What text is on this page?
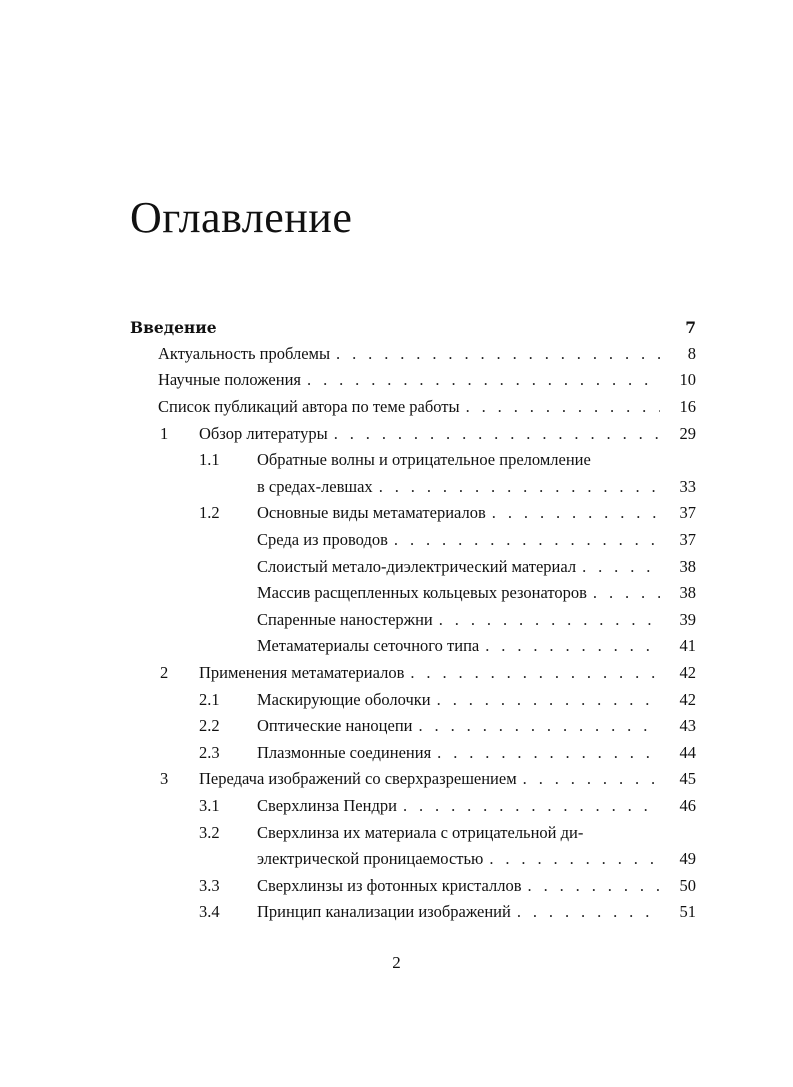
Оглавление
Введение	7
Актуальность проблемы . . .	8
Научные положения . . .	10
Список публикаций автора по теме работы . . .	16
1	Обзор литературы . . .	29
1.1	Обратные волны и отрицательное преломление
в средах-левшах . . .	33
1.2	Основные виды метаматериалов . . .	37
Среда из проводов . . .	37
Слоистый метало-диэлектрический материал . . .	38
Массив расщепленных кольцевых резонаторов . . .	38
Спаренные наностержни . . .	39
Метаматериалы сеточного типа . . .	41
2	Применения метаматериалов . . .	42
2.1	Маскирующие оболочки . . .	42
2.2	Оптические наноцепи . . .	43
2.3	Плазмонные соединения . . .	44
3	Передача изображений со сверхразрешением . . .	45
3.1	Сверхлинза Пендри . . .	46
3.2	Сверхлинза их материала с отрицательной ди-
электрической проницаемостью . . .	49
3.3	Сверхлинзы из фотонных кристаллов . . .	50
3.4	Принцип канализации изображений . . .	51
2
